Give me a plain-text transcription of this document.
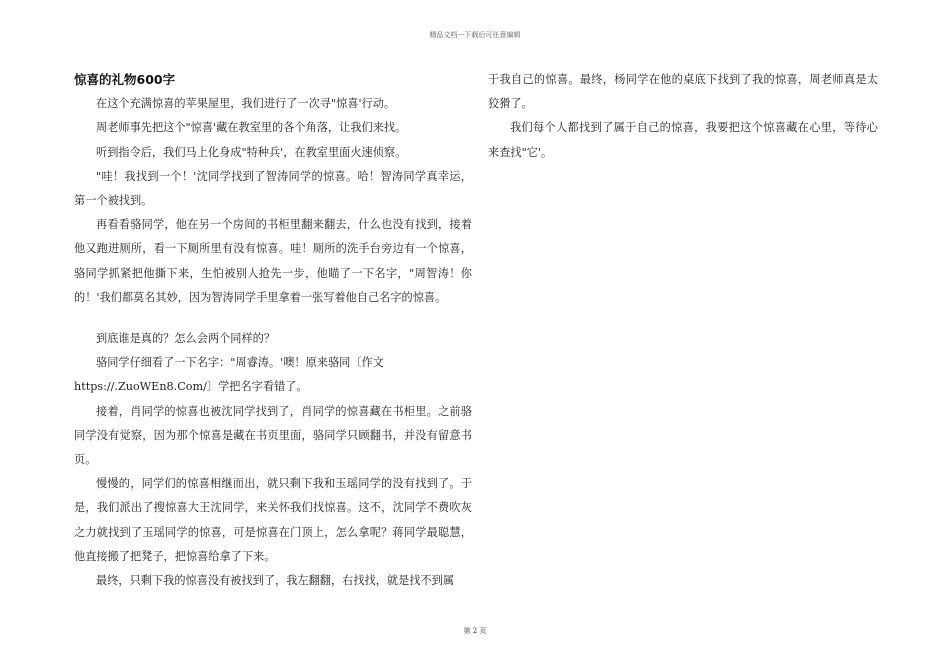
精品文档---下载后可任意编辑
惊喜的礼物600字

在这个充满惊喜的苹果屋里，我们进行了一次寻"惊喜'行动。

周老师事先把这个"惊喜'藏在教室里的各个角落，让我们来找。

听到指令后，我们马上化身成"特种兵'，在教室里面火速侦察。

"哇！我找到一个！'沈同学找到了智涛同学的惊喜。哈！智涛同学真幸运，第一个被找到。

再看看骆同学，他在另一个房间的书柜里翻来翻去，什么也没有找到，接着他又跑进厕所，看一下厕所里有没有惊喜。哇！厕所的洗手台旁边有一个惊喜，骆同学抓紧把他撕下来，生怕被别人抢先一步，他瞄了一下名字，"周智涛！你的！'我们都莫名其妙，因为智涛同学手里拿着一张写着他自己名字的惊喜。

到底谁是真的？怎么会两个同样的？

骆同学仔细看了一下名字："周睿涛。'噢！原来骆同〔作文

https://.ZuoWEn8.Com/〕学把名字看错了。

接着，肖同学的惊喜也被沈同学找到了，肖同学的惊喜藏在书柜里。之前骆同学没有觉察，因为那个惊喜是藏在书页里面，骆同学只顾翻书，并没有留意书页。

慢慢的，同学们的惊喜相继而出，就只剩下我和玉瑶同学的没有找到了。于是，我们派出了搜惊喜大王沈同学，来关怀我们找惊喜。这不，沈同学不费吹灰之力就找到了玉瑶同学的惊喜，可是惊喜在门顶上，怎么拿呢？蒋同学最聪慧，他直接搬了把凳子，把惊喜给拿了下来。

最终，只剩下我的惊喜没有被找到了，我左翻翻，右找找，就是找不到属

于我自己的惊喜。最终，杨同学在他的桌底下找到了我的惊喜，周老师真是太狡猾了。

我们每个人都找到了属于自己的惊喜，我要把这个惊喜藏在心里，等待心来查找"它'。

第 2 页
